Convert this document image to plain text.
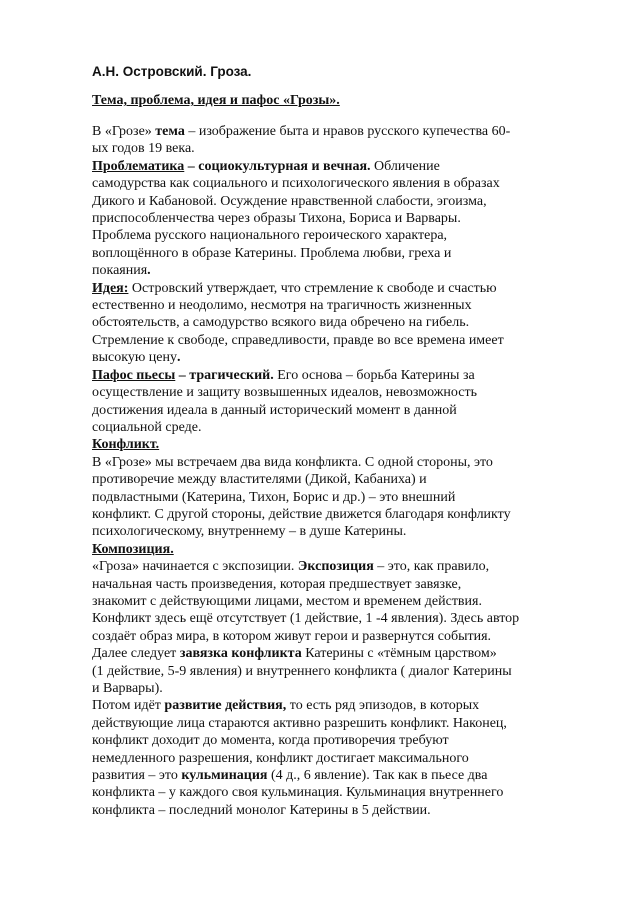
А.Н. Островский. Гроза.
Тема, проблема, идея и пафос «Грозы».
В «Грозе» тема – изображение быта и нравов русского купечества 60-
ых годов 19 века.
Проблематика – социокультурная и вечная. Обличение
самодурства как социального и психологического явления в образах
Дикого и Кабановой. Осуждение нравственной слабости, эгоизма,
приспособленчества через образы Тихона, Бориса и Варвары.
Проблема русского национального героического характера,
воплощённого в образе Катерины. Проблема любви, греха и
покаяния.
Идея: Островский утверждает, что стремление к свободе и счастью
естественно и неодолимо, несмотря на трагичность жизненных
обстоятельств, а самодурство всякого вида обречено на гибель.
Стремление к свободе, справедливости, правде во все времена имеет
высокую цену.
Пафос пьесы – трагический. Его основа – борьба Катерины за
осуществление и защиту возвышенных идеалов, невозможность
достижения идеала в данный исторический момент в данной
социальной среде.
Конфликт.
В «Грозе» мы встречаем два вида конфликта. С одной стороны, это
противоречие между властителями (Дикой, Кабаниха) и
подвластными (Катерина, Тихон, Борис и др.) – это внешний
конфликт. С другой стороны, действие движется благодаря конфликту
психологическому, внутреннему – в душе Катерины.
Композиция.
«Гроза» начинается с экспозиции. Экспозиция – это, как правило,
начальная часть произведения, которая предшествует завязке,
знакомит с действующими лицами, местом и временем действия.
Конфликт здесь ещё отсутствует (1 действие, 1 -4 явления). Здесь автор
создаёт образ мира, в котором живут герои и развернутся события.
Далее следует завязка конфликта Катерины с «тёмным царством»
(1 действие, 5-9 явления) и внутреннего конфликта ( диалог Катерины
и Варвары).
Потом идёт развитие действия, то есть ряд эпизодов, в которых
действующие лица стараются активно разрешить конфликт. Наконец,
конфликт доходит до момента, когда противоречия требуют
немедленного разрешения, конфликт достигает максимального
развития – это кульминация (4 д., 6 явление). Так как в пьесе два
конфликта – у каждого своя кульминация. Кульминация внутреннего
конфликта – последний монолог Катерины в 5 действии.
